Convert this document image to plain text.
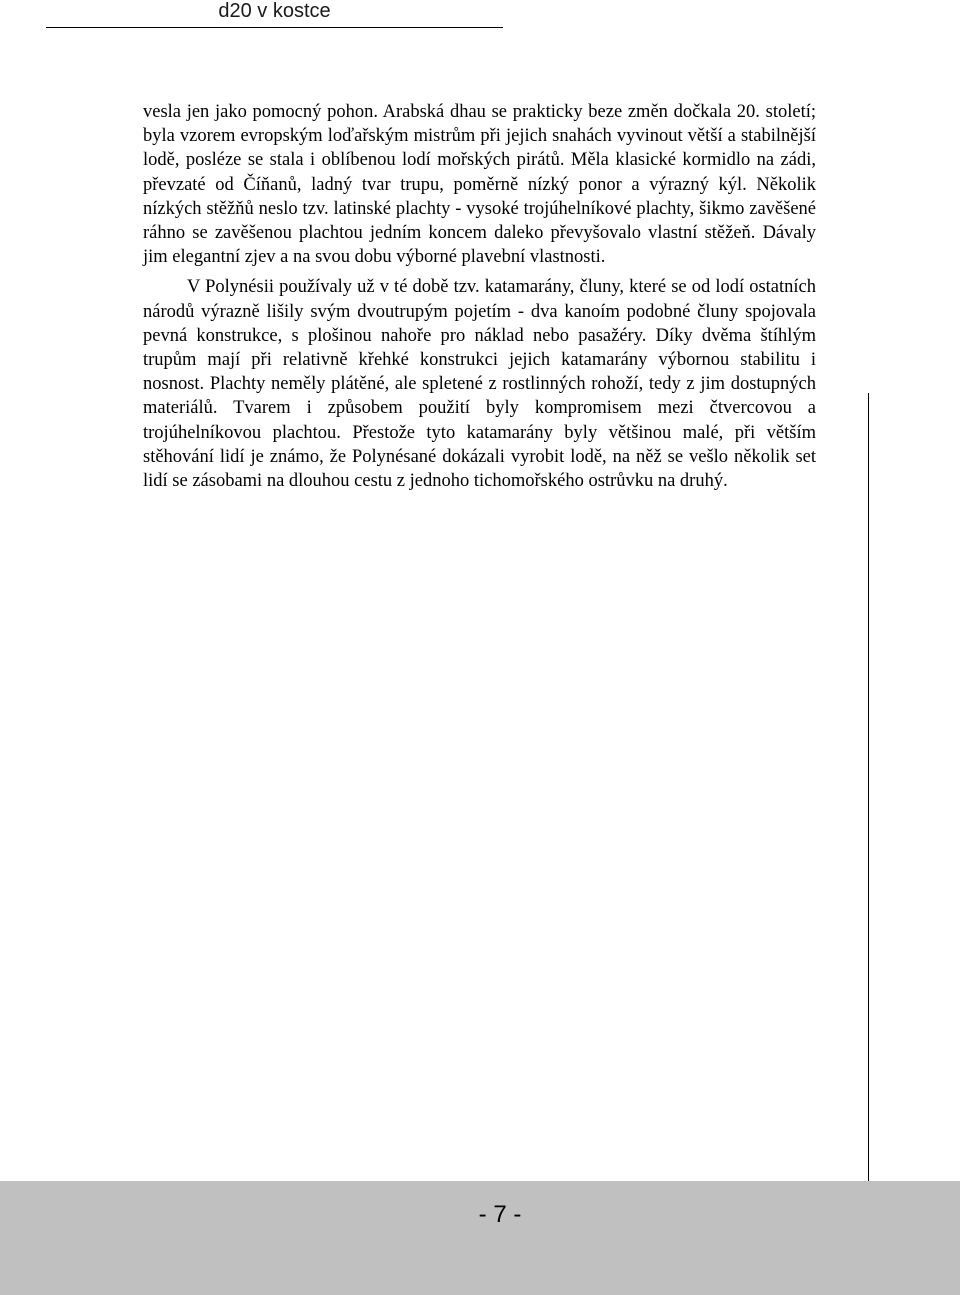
d20 v kostce

vesla jen jako pomocný pohon. Arabská dhau se prakticky beze změn dočkala 20. století; byla vzorem evropským loďařským mistrům při jejich snahách vyvinout větší a stabilnější lodě, posléze se stala i oblíbenou lodí mořských pirátů. Měla klasické kormidlo na zádi, převzaté od Číňanů, ladný tvar trupu, poměrně nízký ponor a výrazný kýl. Několik nízkých stěžňů neslo tzv. latinské plachty - vysoké trojúhelníkové plachty, šikmo zavěšené ráhno se zavěšenou plachtou jedním koncem daleko převyšovalo vlastní stěžeň. Dávaly jim elegantní zjev a na svou dobu výborné plavební vlastnosti.

V Polynésii používaly už v té době tzv. katamarány, čluny, které se od lodí ostatních národů výrazně lišily svým dvoutrupým pojetím - dva kanoím podobné čluny spojovala pevná konstrukce, s plošinou nahoře pro náklad nebo pasažéry. Díky dvěma štíhlým trupům mají při relativně křehké konstrukci jejich katamarány výbornou stabilitu i nosnost. Plachty neměly plátěné, ale spletené z rostlinných rohoží, tedy z jim dostupných materiálů. Tvarem i způsobem použití byly kompromisem mezi čtvercovou a trojúhelníkovou plachtou. Přestože tyto katamarány byly většinou malé, při větším stěhování lidí je známo, že Polynésané dokázali vyrobit lodě, na něž se vešlo několik set lidí se zásobami na dlouhou cestu z jednoho tichomořského ostrůvku na druhý.

- 7 -
